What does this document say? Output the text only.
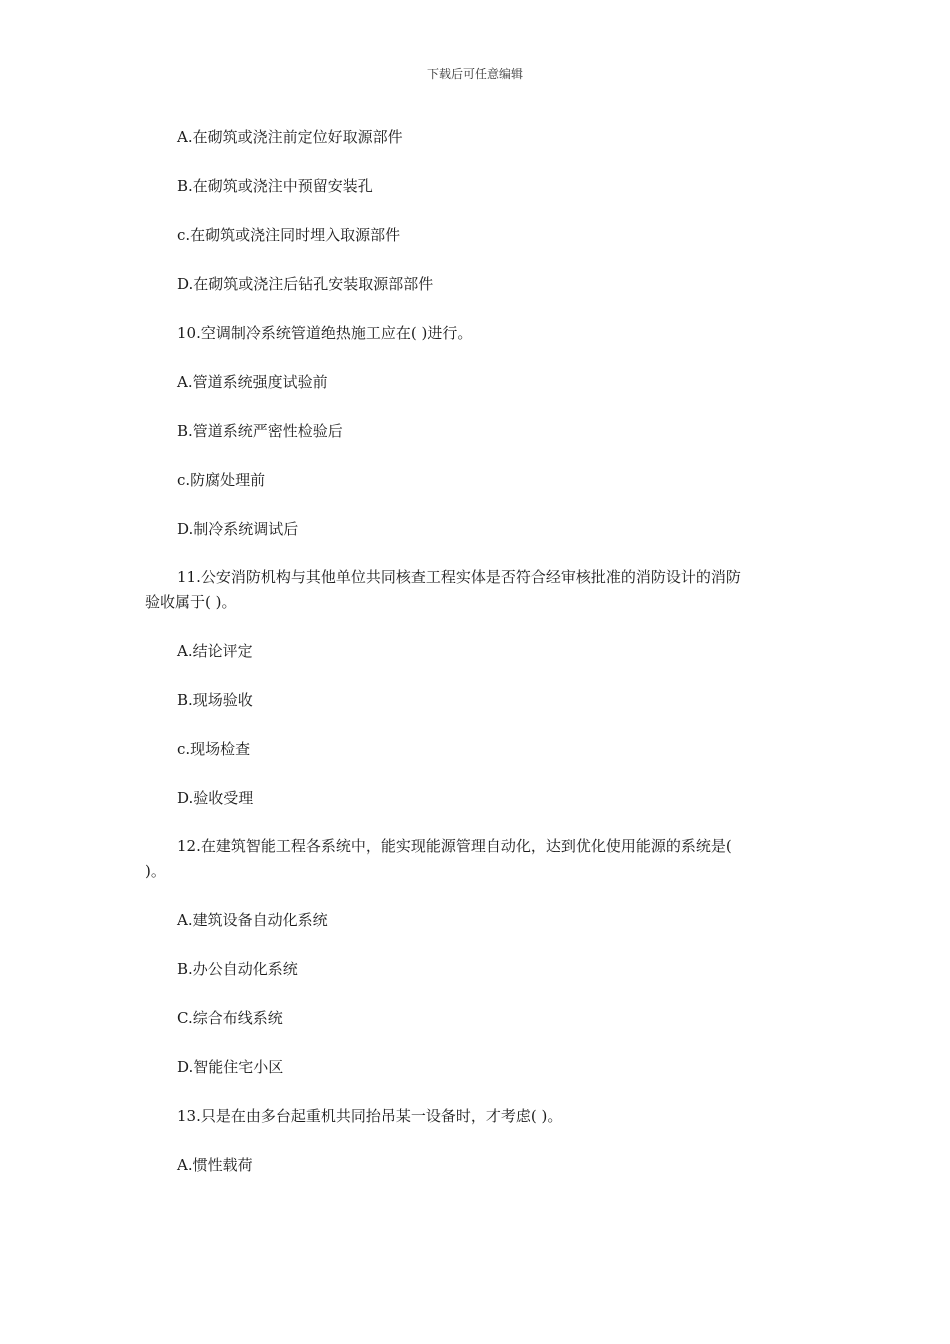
下载后可任意编辑
A.在砌筑或浇注前定位好取源部件
B.在砌筑或浇注中预留安装孔
c.在砌筑或浇注同时埋入取源部件
D.在砌筑或浇注后钻孔安装取源部部件
10.空调制冷系统管道绝热施工应在( )进行。
A.管道系统强度试验前
B.管道系统严密性检验后
c.防腐处理前
D.制冷系统调试后
11.公安消防机构与其他单位共同核查工程实体是否符合经审核批准的消防设计的消防
验收属于( )。
A.结论评定
B.现场验收
c.现场检查
D.验收受理
12.在建筑智能工程各系统中，能实现能源管理自动化，达到优化使用能源的系统是(
)。
A.建筑设备自动化系统
B.办公自动化系统
C.综合布线系统
D.智能住宅小区
13.只是在由多台起重机共同抬吊某一设备时，才考虑( )。
A.惯性载荷
